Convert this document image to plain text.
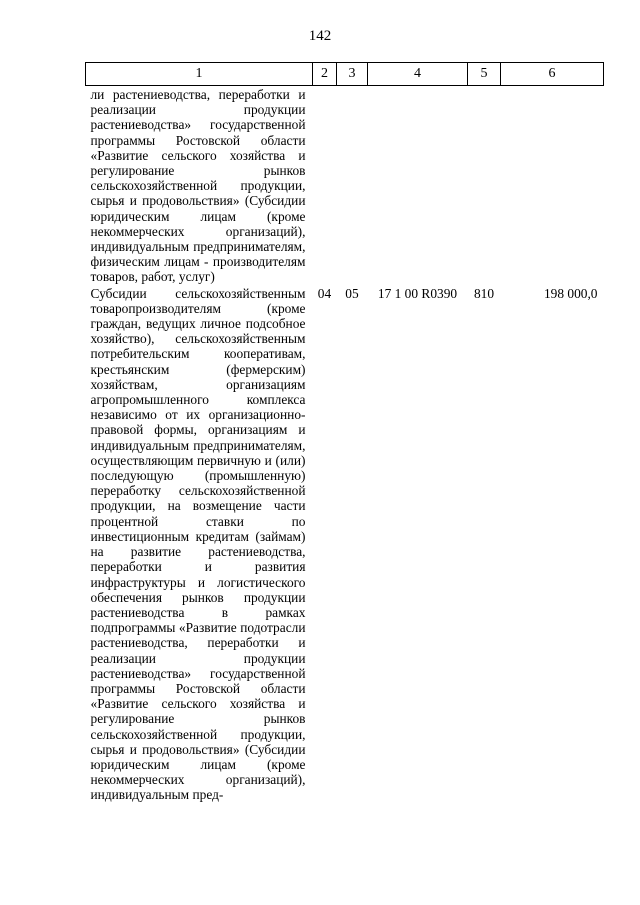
142
1	2	3	4	5	6
ли растениеводства, переработки и реализации продукции растениеводства» государственной программы Ростовской области «Развитие сельского хозяйства и регулирование рынков сельскохозяйственной продукции, сырья и продовольствия» (Субсидии юридическим лицам (кроме некоммерческих организаций), индивидуальным предпринимателям, физическим лицам - производителям товаров, работ, услуг)					
Субсидии сельскохозяйственным товаропроизводителям (кроме граждан, ведущих личное подсобное хозяйство), сельскохозяйственным потребительским кооперативам, крестьянским (фермерским) хозяйствам, организациям агропромышленного комплекса независимо от их организационно-правовой формы, организациям и индивидуальным предпринимателям, осуществляющим первичную и (или) последующую (промышленную) переработку сельскохозяйственной продукции, на возмещение части процентной ставки по инвестиционным кредитам (займам) на развитие растениеводства, переработки и развития инфраструктуры и логистического обеспечения рынков продукции растениеводства в рамках подпрограммы «Развитие подотрасли растениеводства, переработки и реализации продукции растениеводства» государственной программы Ростовской области «Развитие сельского хозяйства и регулирование рынков сельскохозяйственной продукции, сырья и продовольствия» (Субсидии юридическим лицам (кроме некоммерческих организаций), индивидуальным пред-	04	05	17 1 00 R0390	810	198 000,0
